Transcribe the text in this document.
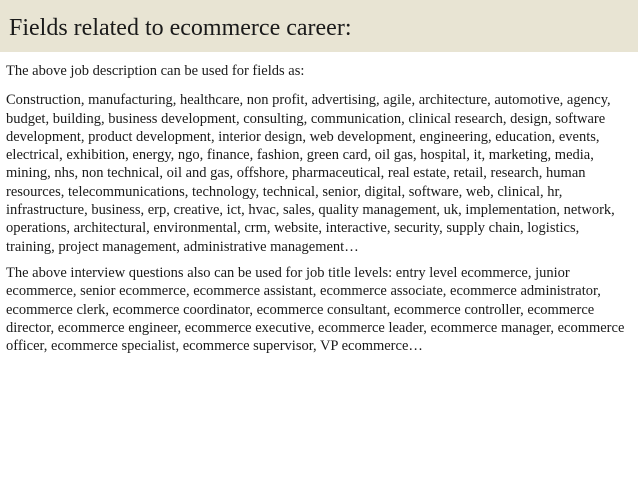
Fields related to ecommerce career:

The above job description can be used for fields as:

Construction, manufacturing, healthcare, non profit, advertising, agile, architecture, automotive, agency, budget, building, business development, consulting, communication, clinical research, design, software development, product development, interior design, web development, engineering, education, events, electrical, exhibition, energy, ngo, finance, fashion, green card, oil gas, hospital, it, marketing, media, mining, nhs, non technical, oil and gas, offshore, pharmaceutical, real estate, retail, research, human resources, telecommunications, technology, technical, senior, digital, software, web, clinical, hr, infrastructure, business, erp, creative, ict, hvac, sales, quality management, uk, implementation, network, operations, architectural, environmental, crm, website, interactive, security, supply chain, logistics, training, project management, administrative management…

The above interview questions also can be used for job title levels: entry level ecommerce, junior ecommerce, senior ecommerce, ecommerce assistant, ecommerce associate, ecommerce administrator, ecommerce clerk, ecommerce coordinator, ecommerce consultant, ecommerce controller, ecommerce director, ecommerce engineer, ecommerce executive, ecommerce leader, ecommerce manager, ecommerce officer, ecommerce specialist, ecommerce supervisor, VP ecommerce…
